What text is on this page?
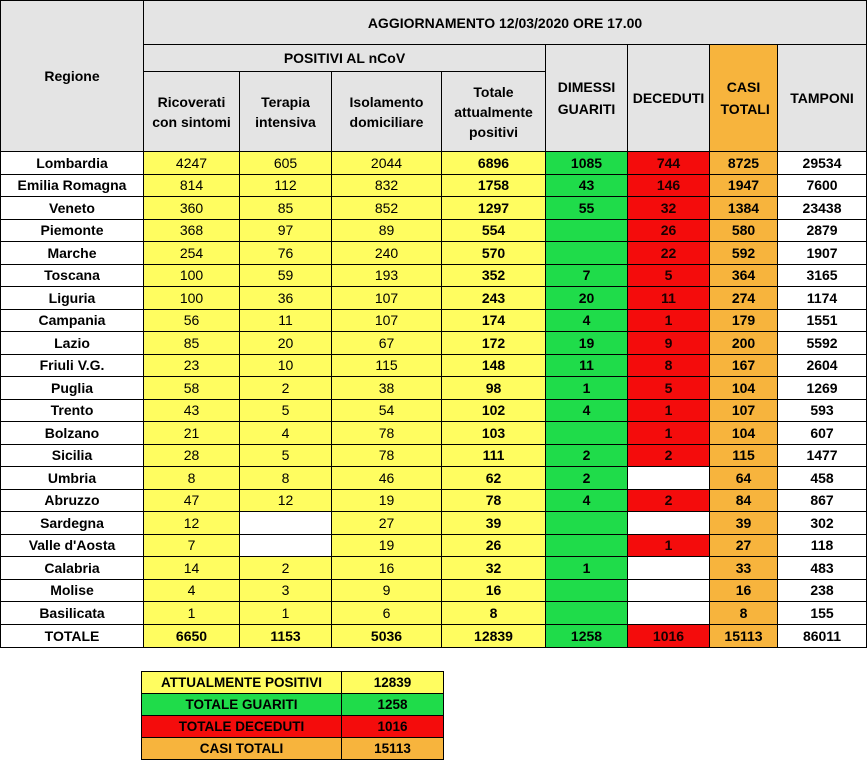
Regione	AGGIORNAMENTO 12/03/2020 ORE 17.00							
	POSITIVI AL nCoV				DIMESSI GUARITI	DECEDUTI	CASI TOTALI	TAMPONI

	Ricoverati con sintomi	Terapia intensiva	Isolamento domiciliare	Totale attualmente positivi				

Lombardia	4247	605	2044	6896	1085	744	8725	29534
Emilia Romagna	814	112	832	1758	43	146	1947	7600
Veneto	360	85	852	1297	55	32	1384	23438
Piemonte	368	97	89	554		26	580	2879
Marche	254	76	240	570		22	592	1907
Toscana	100	59	193	352	7	5	364	3165
Liguria	100	36	107	243	20	11	274	1174
Campania	56	11	107	174	4	1	179	1551
Lazio	85	20	67	172	19	9	200	5592
Friuli V.G.	23	10	115	148	11	8	167	2604
Puglia	58	2	38	98	1	5	104	1269
Trento	43	5	54	102	4	1	107	593
Bolzano	21	4	78	103		1	104	607
Sicilia	28	5	78	111	2	2	115	1477
Umbria	8	8	46	62	2		64	458
Abruzzo	47	12	19	78	4	2	84	867
Sardegna	12		27	39			39	302
Valle d'Aosta	7		19	26		1	27	118
Calabria	14	2	16	32	1		33	483
Molise	4	3	9	16			16	238
Basilicata	1	1	6	8			8	155
TOTALE	6650	1153	5036	12839	1258	1016	15113	86011
ATTUALMENTE POSITIVI	12839
TOTALE GUARITI	1258
TOTALE DECEDUTI	1016
CASI TOTALI	15113
